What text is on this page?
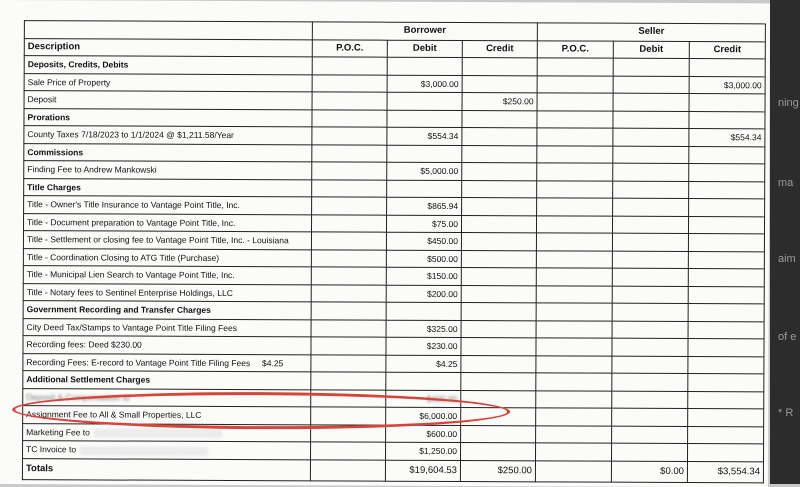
	Borrower			Seller		
Description	P.O.C.	Debit	Credit	P.O.C.	Debit	Credit
Deposits, Credits, Debits						
Sale Price of Property		$3,000.00				$3,000.00
Deposit			$250.00			
Prorations						
County Taxes 7/18/2023 to 1/1/2024 @ $1,211.58/Year		$554.34				$554.34
Commissions						
Finding Fee to Andrew Mankowski		$5,000.00				
Title Charges						
Title - Owner's Title Insurance to Vantage Point Title, Inc.		$865.94				
Title - Document preparation to Vantage Point Title, Inc.		$75.00				
Title - Settlement or closing fee to Vantage Point Title, Inc. - Louisiana		$450.00				
Title - Coordination Closing to ATG Title (Purchase)		$500.00				
Title - Municipal Lien Search to Vantage Point Title, Inc.		$150.00				
Title - Notary fees to Sentinel Enterprise Holdings, LLC		$200.00				
Government Recording and Transfer Charges						
City Deed Tax/Stamps to Vantage Point Title Filing Fees		$325.00				
Recording fees: Deed $230.00		$230.00				
Recording Fees: E-record to Vantage Point Title Filing Fees $4.25		$4.25				
Additional Settlement Charges						
Deposit & Compensation to		$400.00				
Assignment Fee to All & Small Properties, LLC		$6,000.00				
Marketing Fee to		$600.00				
TC Invoice to		$1,250.00				
Totals		$19,604.53	$250.00		$0.00	$3,554.34
ning
ma
aim
of e
* R
